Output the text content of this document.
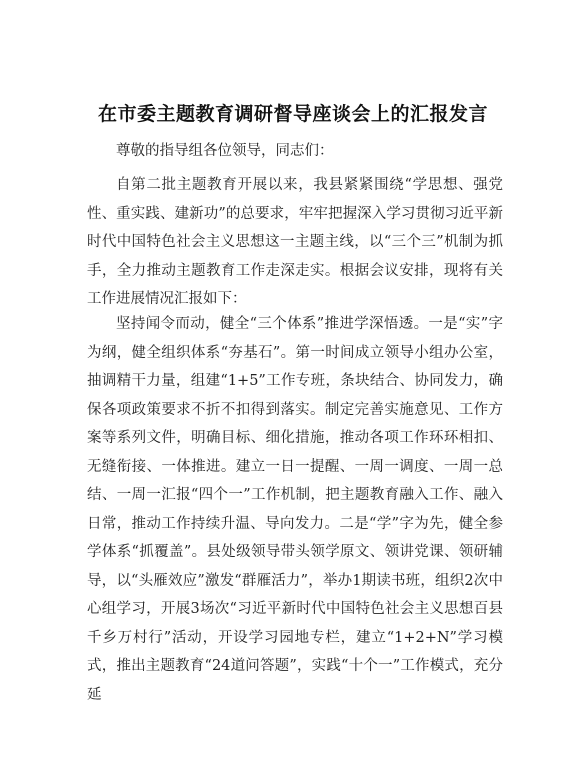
在市委主题教育调研督导座谈会上的汇报发言

尊敬的指导组各位领导，同志们：

自第二批主题教育开展以来，我县紧紧围绕“学思想、强党性、重实践、建新功”的总要求，牢牢把握深入学习贯彻习近平新时代中国特色社会主义思想这一主题主线，以“三个三”机制为抓手，全力推动主题教育工作走深走实。根据会议安排，现将有关工作进展情况汇报如下：

坚持闻令而动，健全“三个体系”推进学深悟透。一是“实”字为纲，健全组织体系“夯基石”。第一时间成立领导小组办公室，抽调精干力量，组建“1+5”工作专班，条块结合、协同发力，确保各项政策要求不折不扣得到落实。制定完善实施意见、工作方案等系列文件，明确目标、细化措施，推动各项工作环环相扣、无缝衔接、一体推进。建立一日一提醒、一周一调度、一周一总结、一周一汇报“四个一”工作机制，把主题教育融入工作、融入日常，推动工作持续升温、导向发力。二是“学”字为先，健全参学体系“抓覆盖”。县处级领导带头领学原文、领讲党课、领研辅导，以“头雁效应”激发“群雁活力”，举办1期读书班，组织2次中心组学习，开展3场次“习近平新时代中国特色社会主义思想百县千乡万村行”活动，开设学习园地专栏，建立“1+2+N”学习模式，推出主题教育“24道问答题”，实践“十个一”工作模式，充分延
